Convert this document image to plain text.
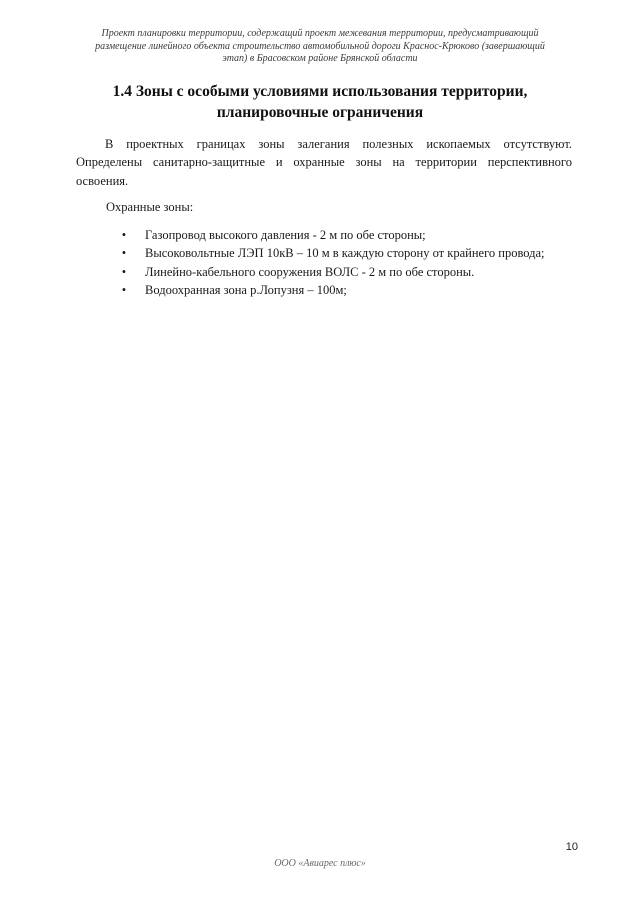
Проект планировки территории, содержащий проект межевания территории, предусматривающий
размещение линейного объекта строительство автомобильной дороги Краснос-Крюково (завершающий
этап) в Брасовском районе Брянской области
1.4 Зоны с особыми условиями использования территории,
планировочные ограничения

В проектных границах зоны залегания полезных ископаемых отсутствуют. Определены санитарно-защитные и охранные зоны на территории перспективного освоения.

Охранные зоны:
• Газопровод высокого давления - 2 м по обе стороны;
• Высоковольтные ЛЭП 10кВ – 10 м в каждую сторону от крайнего провода;
• Линейно-кабельного сооружения ВОЛС - 2 м по обе стороны.
• Водоохранная зона р.Лопузня – 100м;
10
ООО «Авиарес плюс»
